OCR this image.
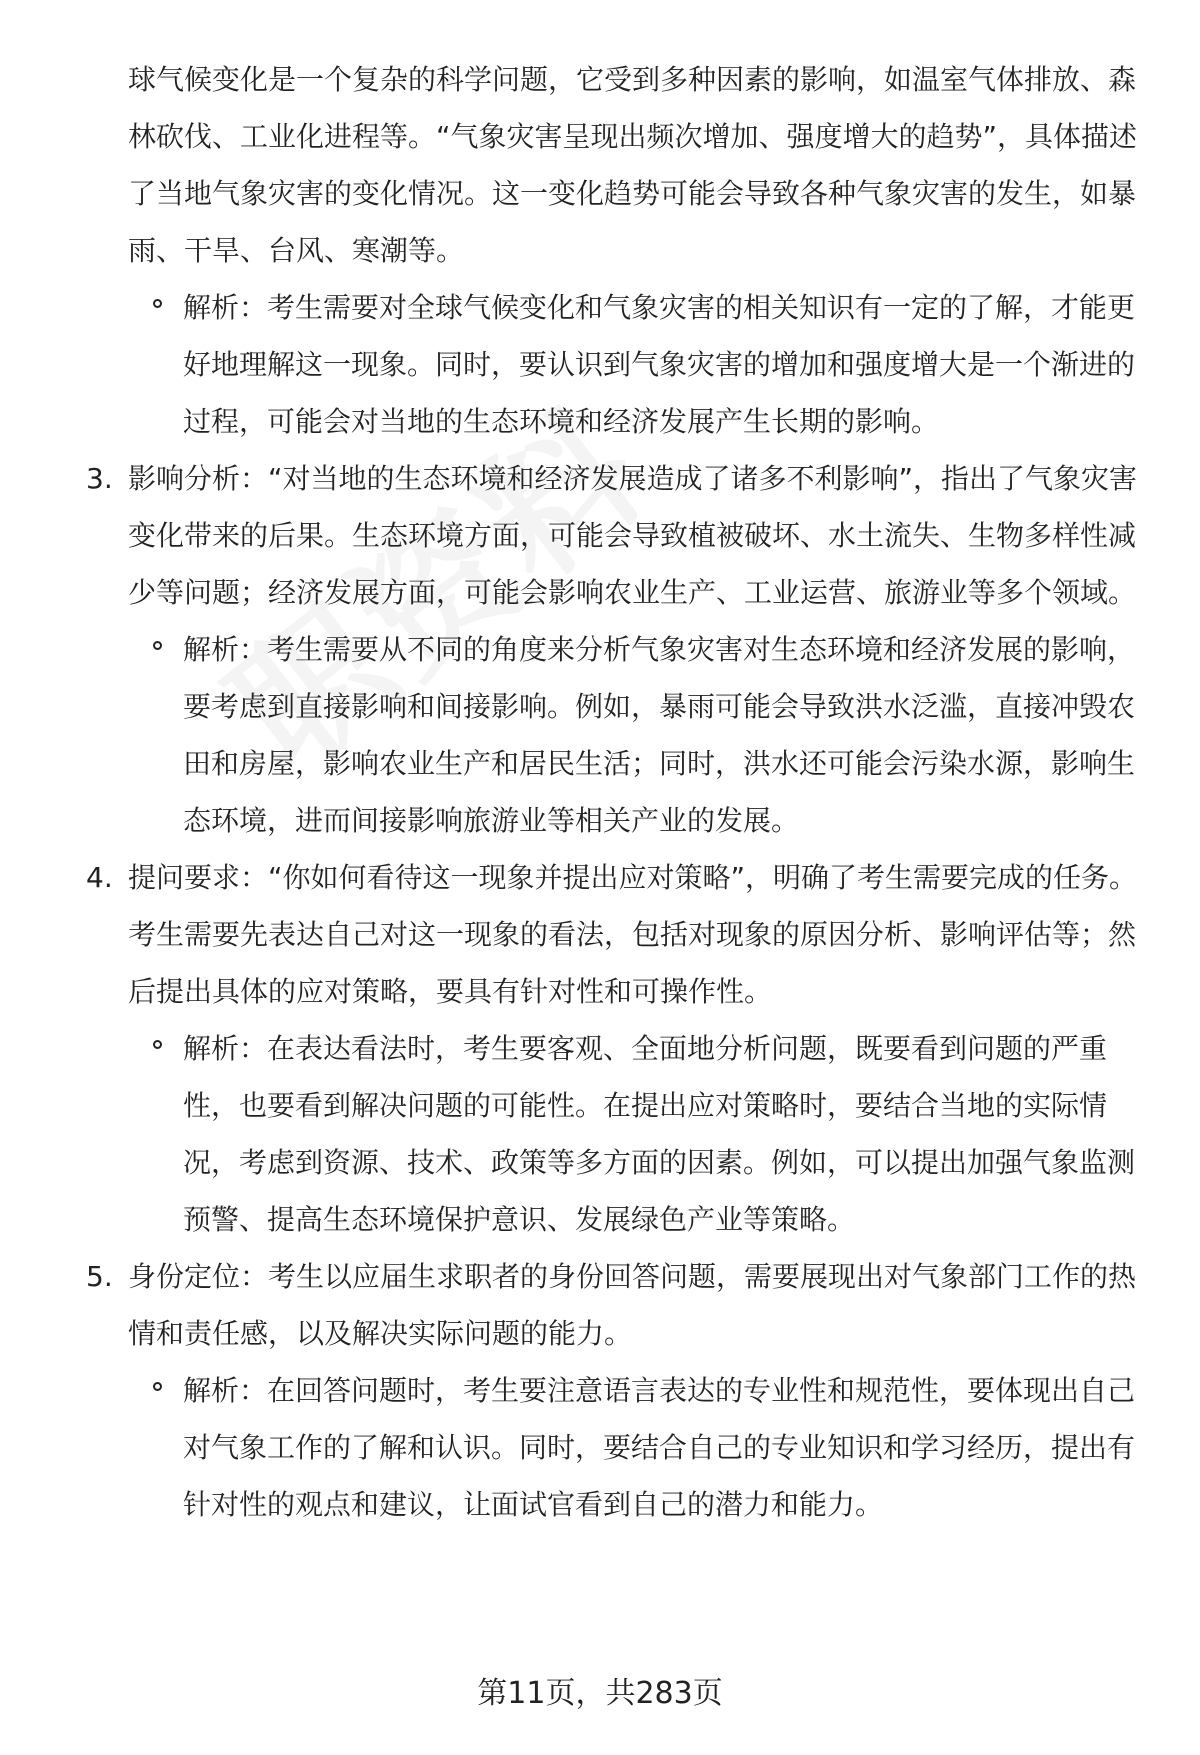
球气候变化是一个复杂的科学问题，它受到多种因素的影响，如温室气体排放、森林砍伐、工业化进程等。“气象灾害呈现出频次增加、强度增大的趋势”，具体描述了当地气象灾害的变化情况。这一变化趋势可能会导致各种气象灾害的发生，如暴雨、干旱、台风、寒潮等。

解析：考生需要对全球气候变化和气象灾害的相关知识有一定的了解，才能更好地理解这一现象。同时，要认识到气象灾害的增加和强度增大是一个渐进的过程，可能会对当地的生态环境和经济发展产生长期的影响。
3. 影响分析：“对当地的生态环境和经济发展造成了诸多不利影响”，指出了气象灾害变化带来的后果。生态环境方面，可能会导致植被破坏、水土流失、生物多样性减少等问题；经济发展方面，可能会影响农业生产、工业运营、旅游业等多个领域。
解析：考生需要从不同的角度来分析气象灾害对生态环境和经济发展的影响，要考虑到直接影响和间接影响。例如，暴雨可能会导致洪水泛滥，直接冲毁农田和房屋，影响农业生产和居民生活；同时，洪水还可能会污染水源，影响生态环境，进而间接影响旅游业等相关产业的发展。
4. 提问要求：“你如何看待这一现象并提出应对策略”，明确了考生需要完成的任务。考生需要先表达自己对这一现象的看法，包括对现象的原因分析、影响评估等；然后提出具体的应对策略，要具有针对性和可操作性。
解析：在表达看法时，考生要客观、全面地分析问题，既要看到问题的严重性，也要看到解决问题的可能性。在提出应对策略时，要结合当地的实际情况，考虑到资源、技术、政策等多方面的因素。例如，可以提出加强气象监测预警、提高生态环境保护意识、发展绿色产业等策略。
5. 身份定位：考生以应届生求职者的身份回答问题，需要展现出对气象部门工作的热情和责任感，以及解决实际问题的能力。
解析：在回答问题时，考生要注意语言表达的专业性和规范性，要体现出自己对气象工作的了解和认识。同时，要结合自己的专业知识和学习经历，提出有针对性的观点和建议，让面试官看到自己的潜力和能力。
第11页，共283页
